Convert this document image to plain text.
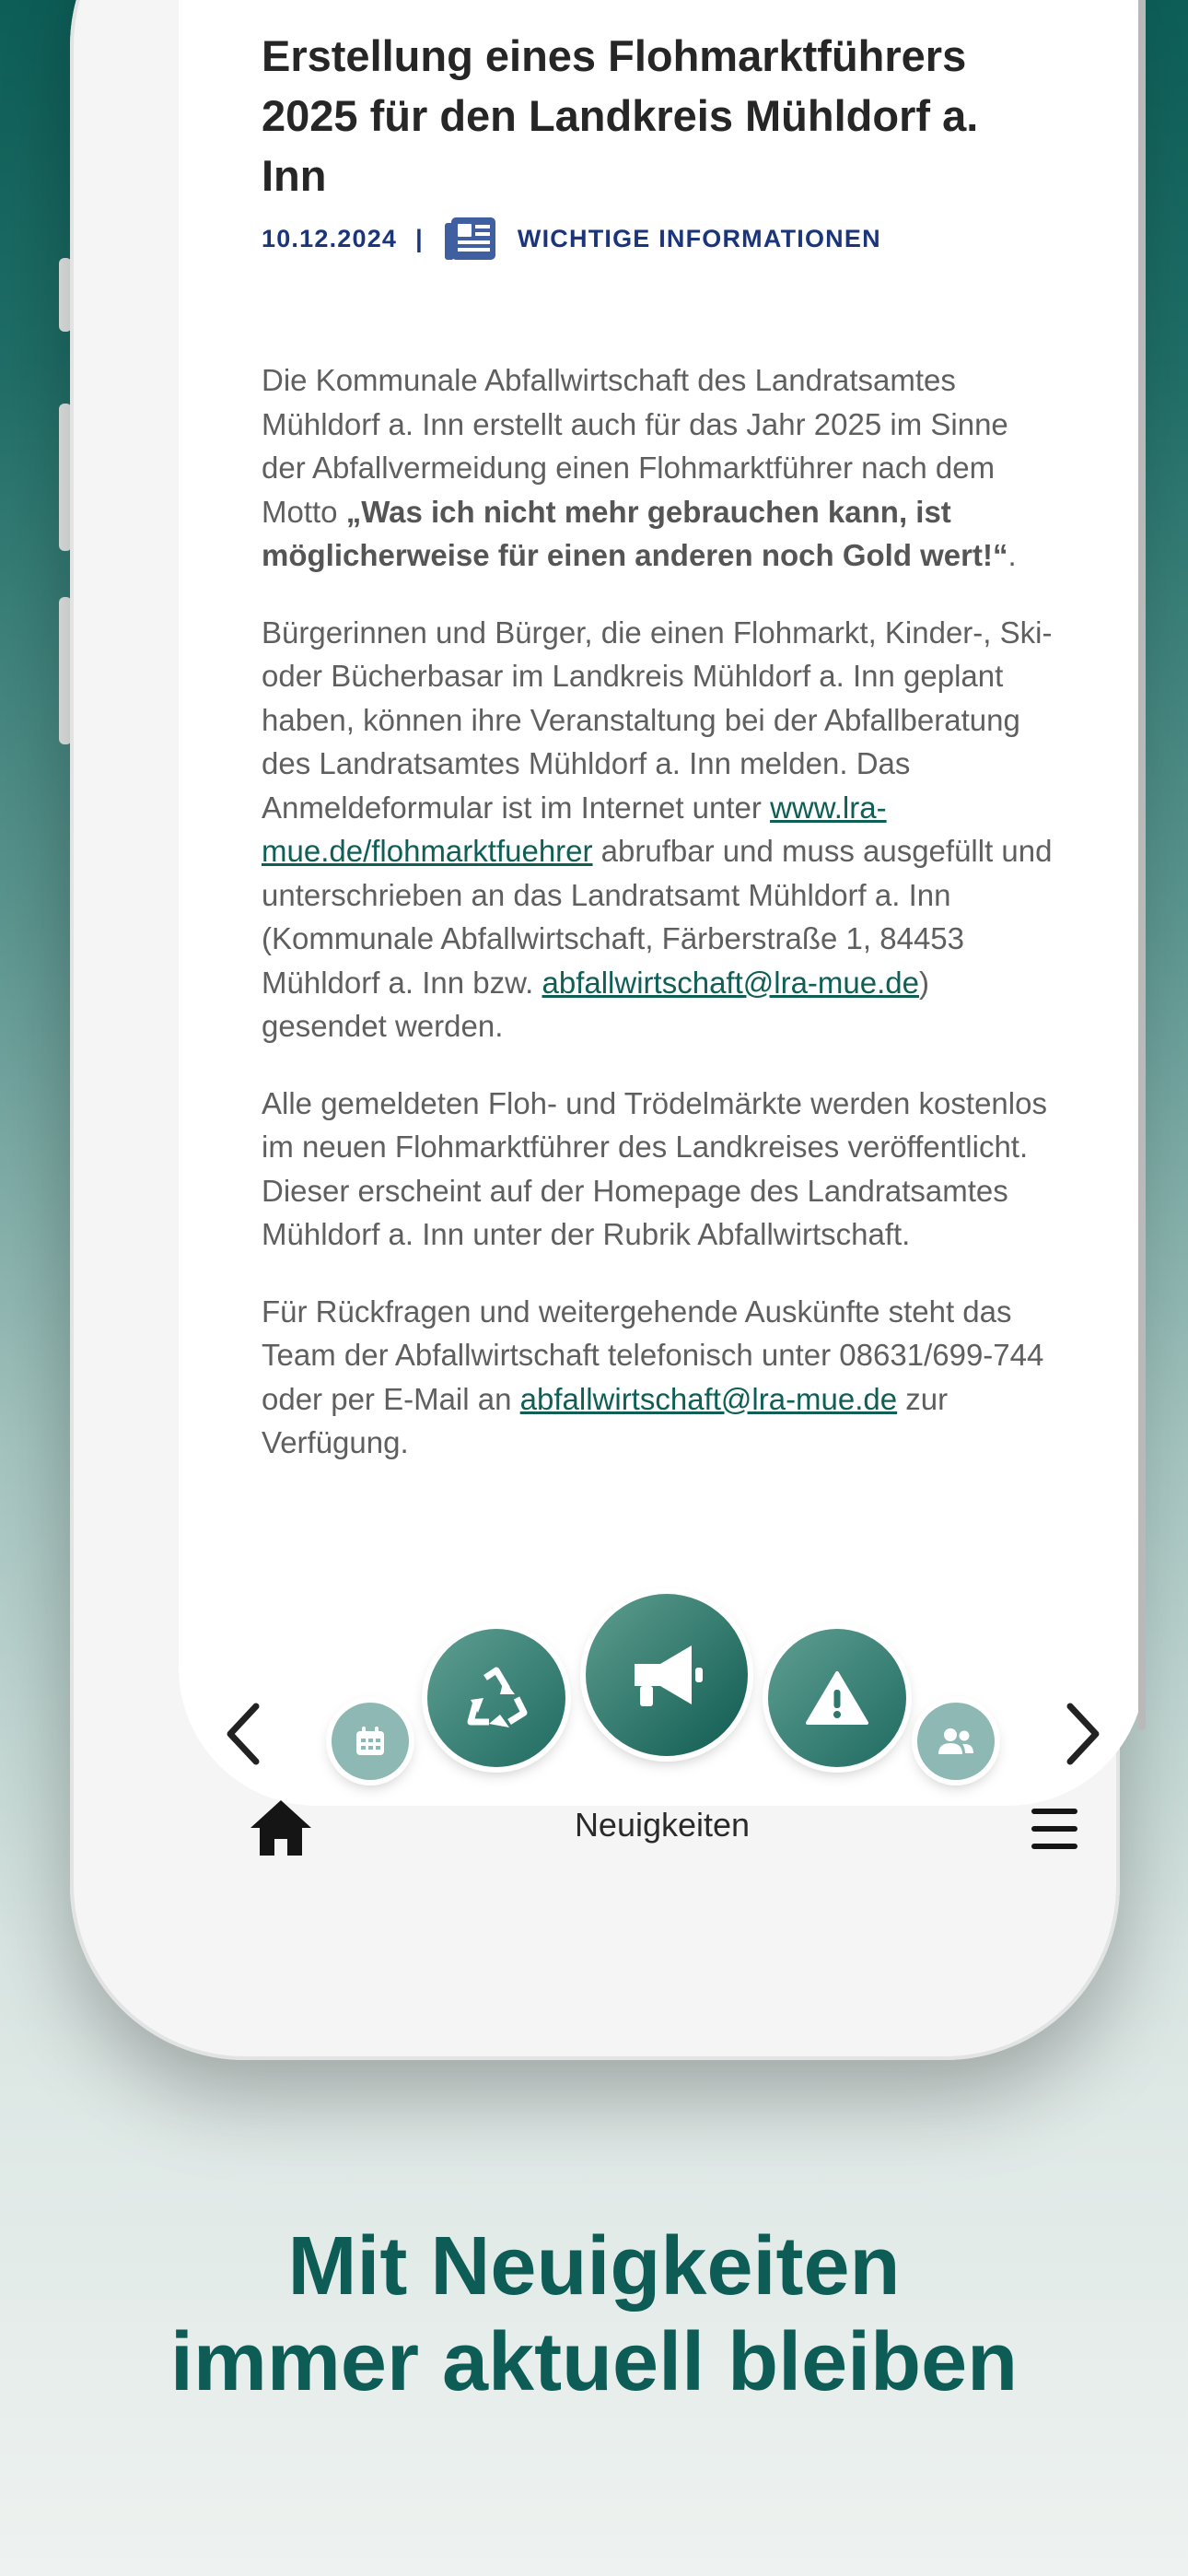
Erstellung eines Flohmarktführers 2025 für den Landkreis Mühldorf a. Inn
10.12.2024 |	WICHTIGE INFORMATIONEN

Die Kommunale Abfallwirtschaft des Landratsamtes Mühldorf a. Inn erstellt auch für das Jahr 2025 im Sinne der Abfallvermeidung einen Flohmarktführer nach dem Motto „Was ich nicht mehr gebrauchen kann, ist möglicherweise für einen anderen noch Gold wert!“.

Bürgerinnen und Bürger, die einen Flohmarkt, Kinder-, Ski- oder Bücherbasar im Landkreis Mühldorf a. Inn geplant haben, können ihre Veranstaltung bei der Abfallberatung des Landratsamtes Mühldorf a. Inn melden. Das Anmeldeformular ist im Internet unter www.lra-mue.de/flohmarktfuehrer abrufbar und muss ausgefüllt und unterschrieben an das Landratsamt Mühldorf a. Inn (Kommunale Abfallwirtschaft, Färberstraße 1, 84453 Mühldorf a. Inn bzw. abfallwirtschaft@lra-mue.de) gesendet werden.

Alle gemeldeten Floh- und Trödelmärkte werden kostenlos im neuen Flohmarktführer des Landkreises veröffentlicht. Dieser erscheint auf der Homepage des Landratsamtes Mühldorf a. Inn unter der Rubrik Abfallwirtschaft.

Für Rückfragen und weitergehende Auskünfte steht das Team der Abfallwirtschaft telefonisch unter 08631/699-744 oder per E-Mail an abfallwirtschaft@lra-mue.de zur Verfügung.

Neuigkeiten
Mit Neuigkeiten
immer aktuell bleiben
